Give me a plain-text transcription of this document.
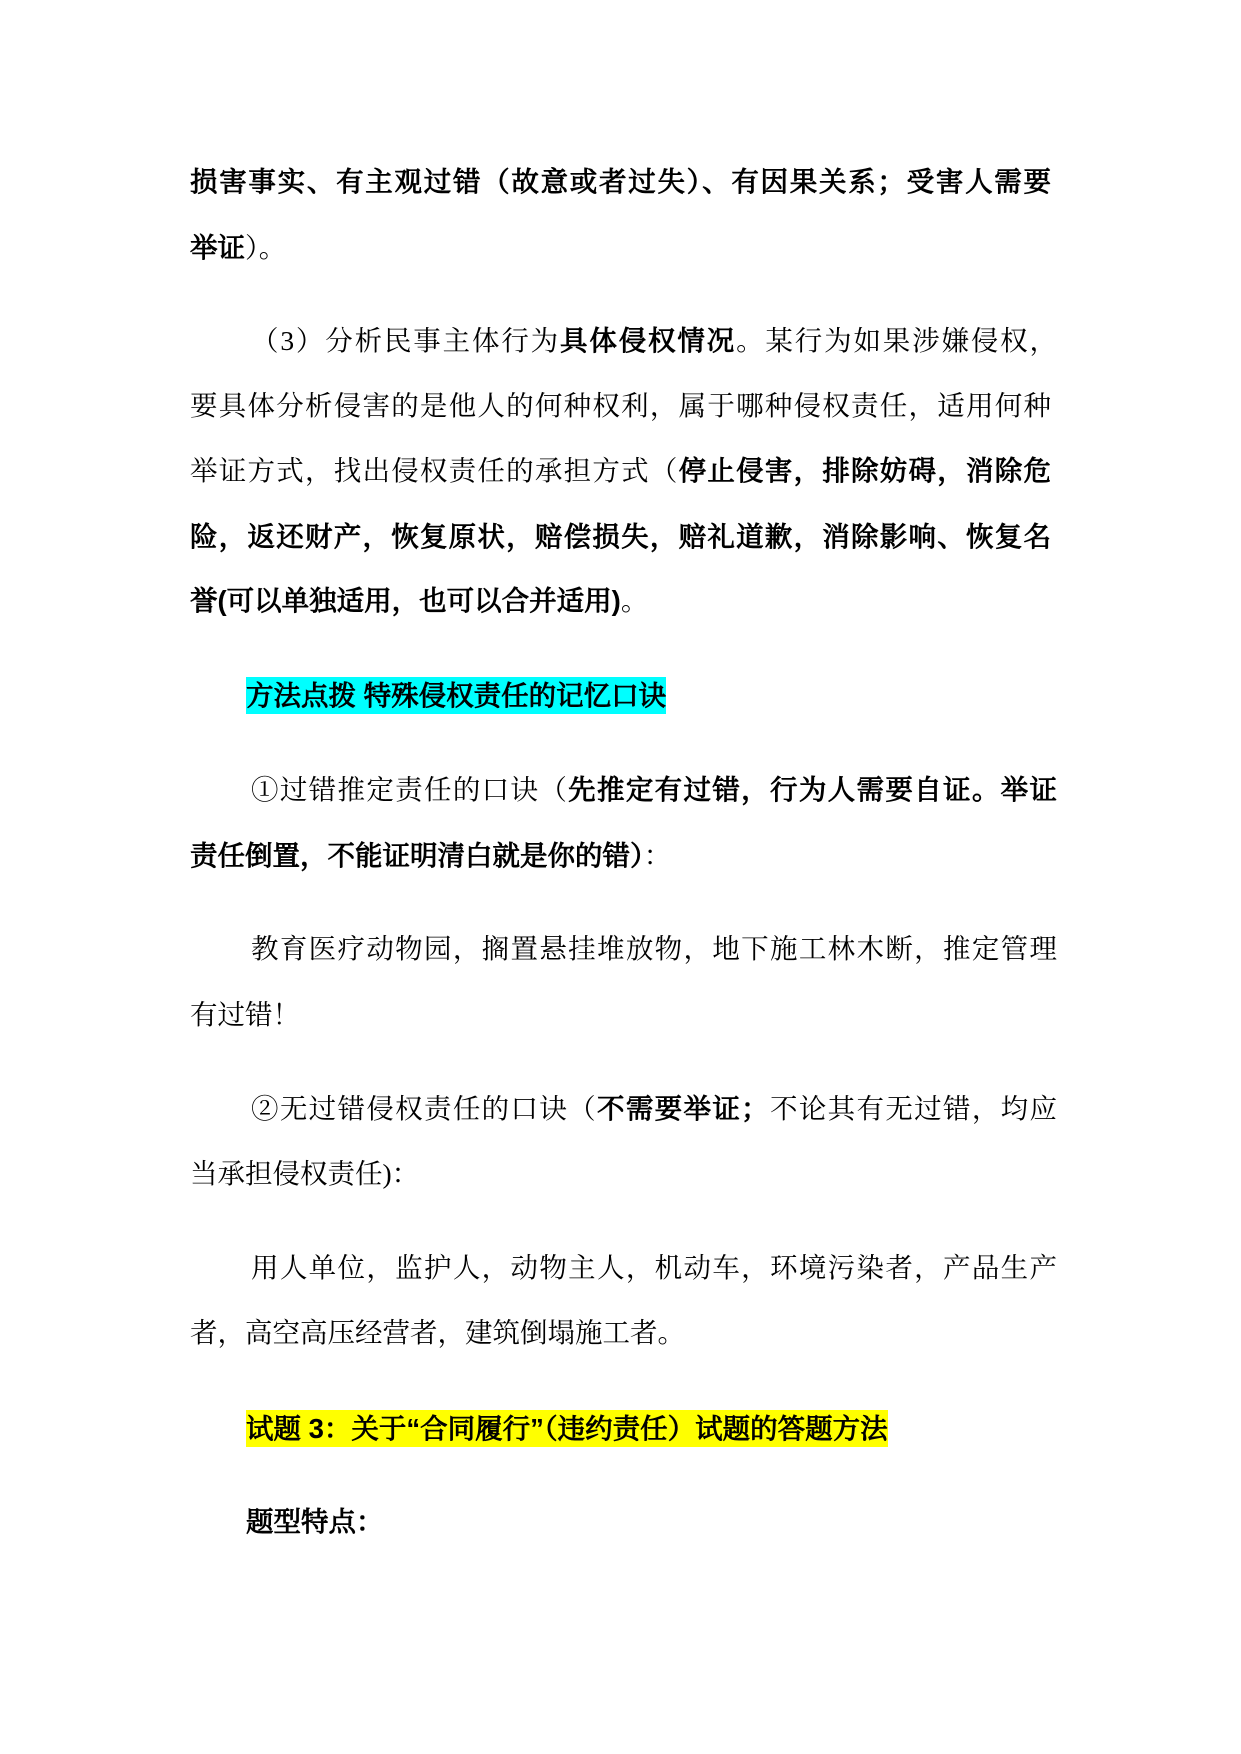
损害事实、有主观过错（故意或者过失）、有因果关系；受害人需要
举证）。
（3）分析民事主体行为具体侵权情况。某行为如果涉嫌侵权，
要具体分析侵害的是他人的何种权利，属于哪种侵权责任，适用何种
举证方式，找出侵权责任的承担方式（停止侵害，排除妨碍，消除危
险，返还财产，恢复原状，赔偿损失，赔礼道歉，消除影响、恢复名
誉(可以单独适用，也可以合并适用)。
方法点拨 特殊侵权责任的记忆口诀
①过错推定责任的口诀（先推定有过错，行为人需要自证。举证
责任倒置，不能证明清白就是你的错）：
教育医疗动物园，搁置悬挂堆放物，地下施工林木断，推定管理
有过错！
②无过错侵权责任的口诀（不需要举证；不论其有无过错，均应
当承担侵权责任)：
用人单位，监护人，动物主人，机动车，环境污染者，产品生产
者，高空高压经营者，建筑倒塌施工者。
试题 3：关于“合同履行”（违约责任）试题的答题方法
题型特点：
